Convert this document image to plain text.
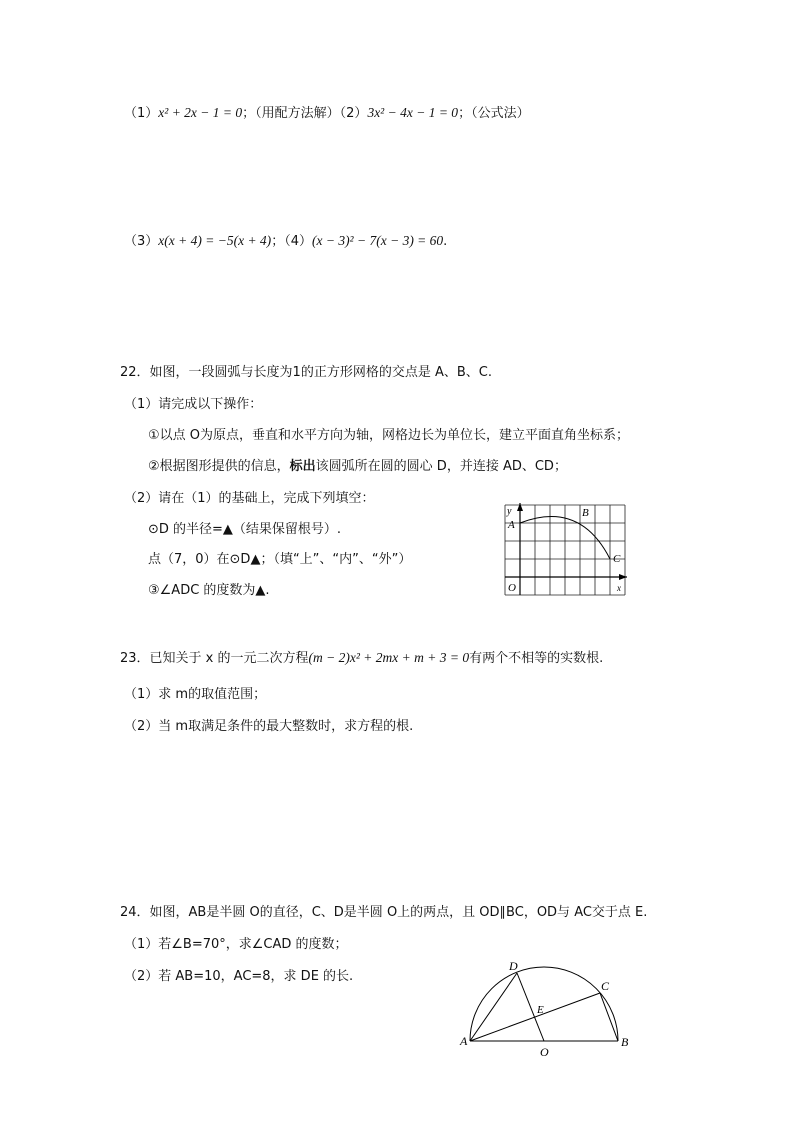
（1）x² + 2x − 1 = 0；（用配方法解）（2）3x² − 4x − 1 = 0；（公式法）
（3）x(x + 4) = −5(x + 4)；（4）(x − 3)² − 7(x − 3) = 60.
22．如图，一段圆弧与长度为1的正方形网格的交点是 A、B、C.
（1）请完成以下操作：
①以点 O为原点，垂直和水平方向为轴，网格边长为单位长，建立平面直角坐标系；
②根据图形提供的信息，标出该圆弧所在圆的圆心 D，并连接 AD、CD；
（2）请在（1）的基础上，完成下列填空：
⊙D 的半径=▲（结果保留根号）.
点（7，0）在⊙D▲；（填“上”、“内”、“外”）
③∠ADC 的度数为▲.
y
A
B
C
O	x
23．已知关于 x 的一元二次方程(m − 2)x² + 2mx + m + 3 = 0有两个不相等的实数根.
（1）求 m的取值范围；
（2）当 m取满足条件的最大整数时，求方程的根.
24．如图，AB是半圆 O的直径，C、D是半圆 O上的两点，且 OD∥BC，OD与 AC交于点 E.
（1）若∠B=70°，求∠CAD 的度数；
（2）若 AB=10，AC=8，求 DE 的长.
A	B
C
D
E
O
